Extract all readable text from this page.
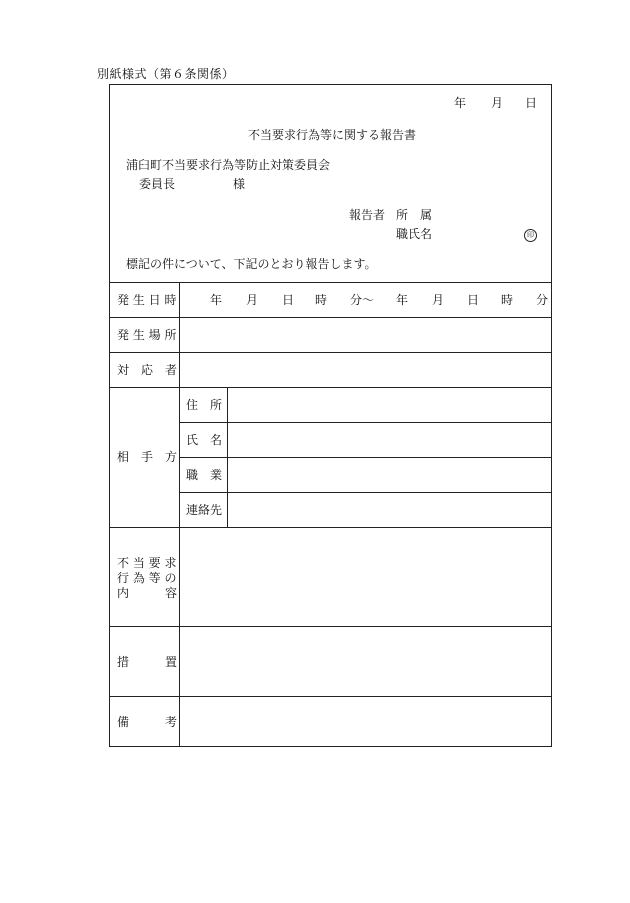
別紙様式（第６条関係）
年 月 日
不当要求行為等に関する報告書
浦臼町不当要求行為等防止対策委員会
委員長	様
報告者 所　属
職氏名	印
標記の件について、下記のとおり報告します。
発 生 日 時	年 月 日 時 分〜 年 月 日 時 分
発 生 場 所
対　応　者
相　手　方
住　所
氏　名
職　業
連絡先
不 当 要 求
行 為 等 の
内　　　容
措　　　置
備　　　考
